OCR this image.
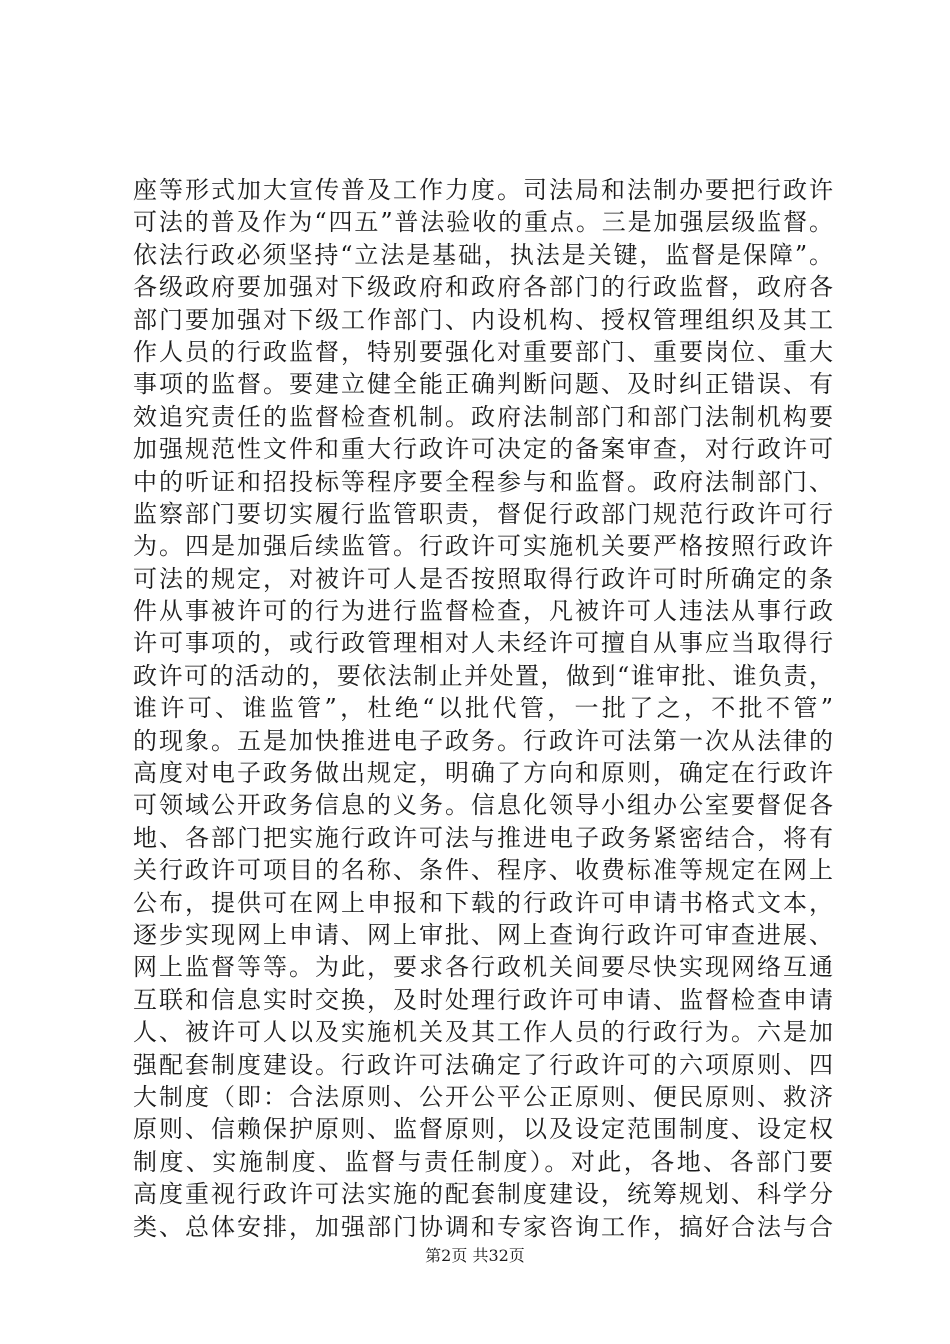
座等形式加大宣传普及工作力度。司法局和法制办要把行政许
可法的普及作为“四五”普法验收的重点。三是加强层级监督。
依法行政必须坚持“立法是基础，执法是关键，监督是保障”。
各级政府要加强对下级政府和政府各部门的行政监督，政府各
部门要加强对下级工作部门、内设机构、授权管理组织及其工
作人员的行政监督，特别要强化对重要部门、重要岗位、重大
事项的监督。要建立健全能正确判断问题、及时纠正错误、有
效追究责任的监督检查机制。政府法制部门和部门法制机构要
加强规范性文件和重大行政许可决定的备案审查，对行政许可
中的听证和招投标等程序要全程参与和监督。政府法制部门、
监察部门要切实履行监管职责，督促行政部门规范行政许可行
为。四是加强后续监管。行政许可实施机关要严格按照行政许
可法的规定，对被许可人是否按照取得行政许可时所确定的条
件从事被许可的行为进行监督检查，凡被许可人违法从事行政
许可事项的，或行政管理相对人未经许可擅自从事应当取得行
政许可的活动的，要依法制止并处置，做到“谁审批、谁负责，
谁许可、谁监管”，杜绝“以批代管，一批了之，不批不管”
的现象。五是加快推进电子政务。行政许可法第一次从法律的
高度对电子政务做出规定，明确了方向和原则，确定在行政许
可领域公开政务信息的义务。信息化领导小组办公室要督促各
地、各部门把实施行政许可法与推进电子政务紧密结合，将有
关行政许可项目的名称、条件、程序、收费标准等规定在网上
公布，提供可在网上申报和下载的行政许可申请书格式文本，
逐步实现网上申请、网上审批、网上查询行政许可审查进展、
网上监督等等。为此，要求各行政机关间要尽快实现网络互通
互联和信息实时交换，及时处理行政许可申请、监督检查申请
人、被许可人以及实施机关及其工作人员的行政行为。六是加
强配套制度建设。行政许可法确定了行政许可的六项原则、四
大制度（即：合法原则、公开公平公正原则、便民原则、救济
原则、信赖保护原则、监督原则，以及设定范围制度、设定权
制度、实施制度、监督与责任制度）。对此，各地、各部门要
高度重视行政许可法实施的配套制度建设，统筹规划、科学分
类、总体安排，加强部门协调和专家咨询工作，搞好合法与合
第2页 共32页
